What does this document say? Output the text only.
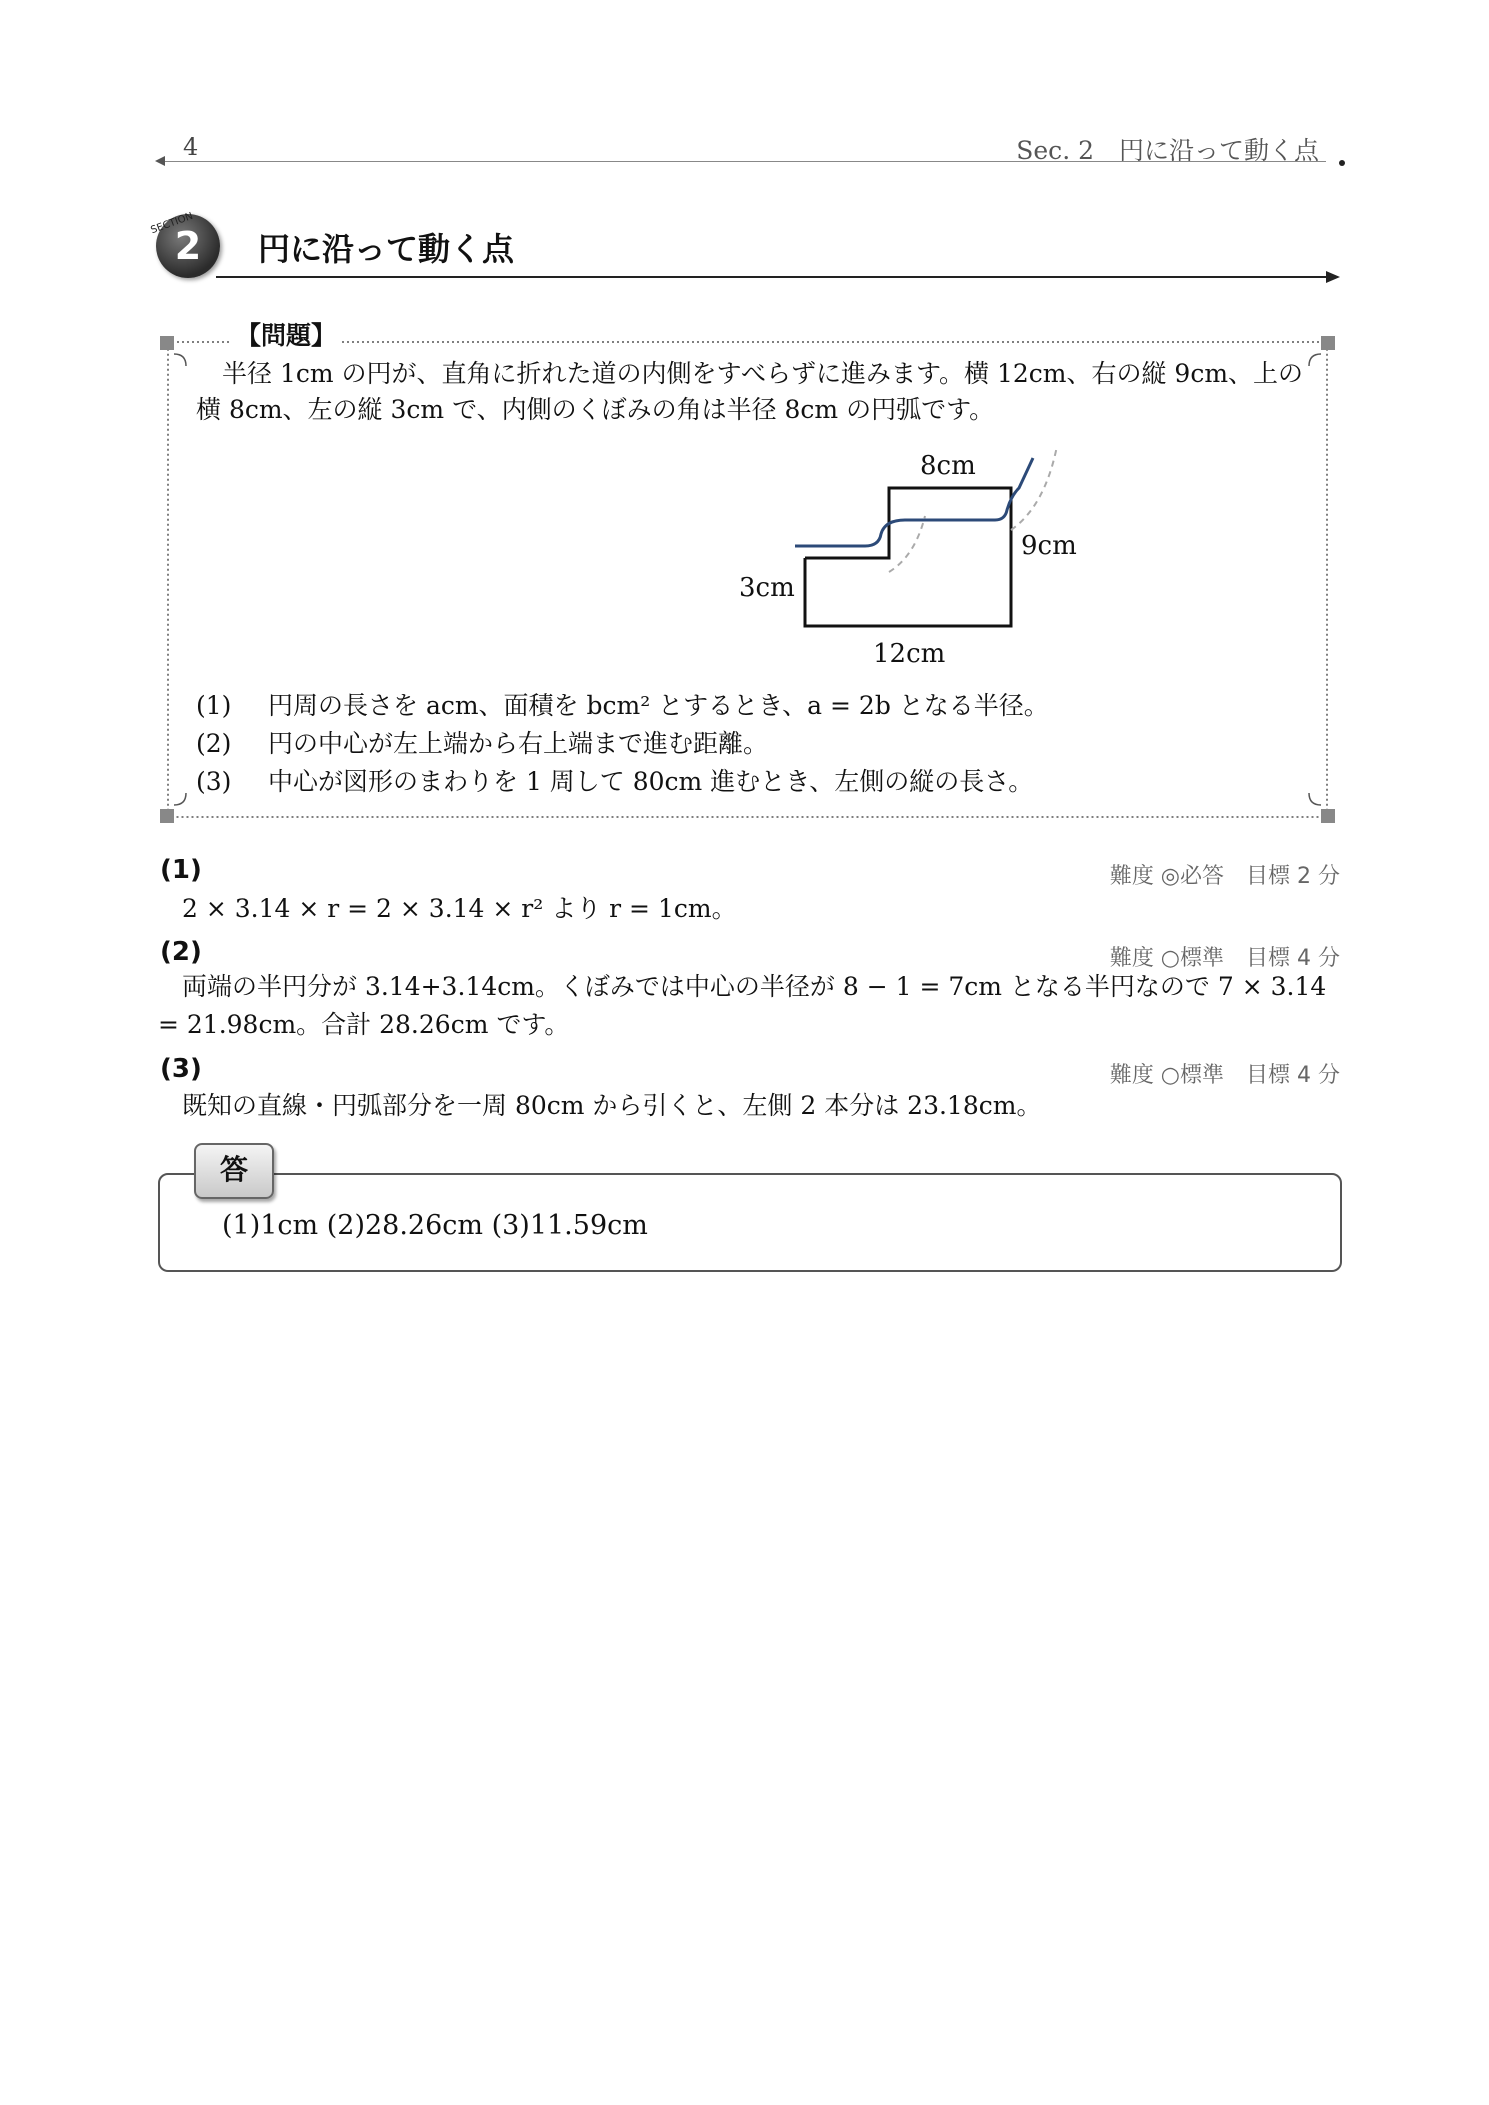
4	Sec. 2　円に沿って動く点
2
SECTION
円に沿って動く点
【問題】
半径 1cm の円が、直角に折れた道の内側をすべらずに進みます。横 12cm、右の縦 9cm、上の横 8cm、左の縦 3cm で、内側のくぼみの角は半径 8cm の円弧です。
8cm
9cm
3cm
12cm
(1) 円周の長さを acm、面積を bcm² とするとき、a = 2b となる半径。
(2) 円の中心が左上端から右上端まで進む距離。
(3) 中心が図形のまわりを 1 周して 80cm 進むとき、左側の縦の長さ。
(1)	難度 ◎必答　目標 2 分
2 × 3.14 × r = 2 × 3.14 × r² より r = 1cm。
(2)	難度 ○標準　目標 4 分
両端の半円分が 3.14+3.14cm。くぼみでは中心の半径が 8 − 1 = 7cm となる半円なので 7 × 3.14 = 21.98cm。合計 28.26cm です。
(3)	難度 ○標準　目標 4 分
既知の直線・円弧部分を一周 80cm から引くと、左側 2 本分は 23.18cm。
答
(1)1cm (2)28.26cm (3)11.59cm
